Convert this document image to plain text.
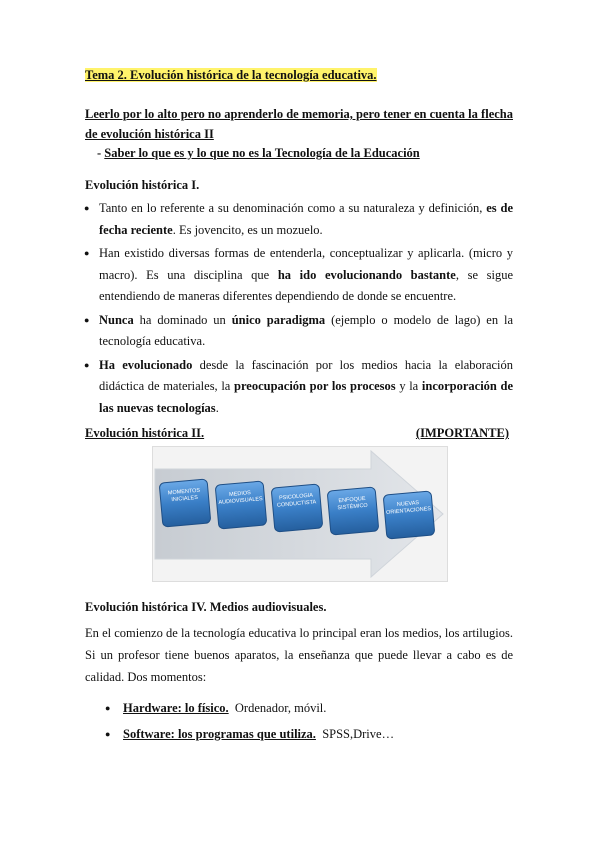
Tema 2. Evolución histórica de la tecnología educativa.
Leerlo por lo alto pero no aprenderlo de memoria, pero tener en cuenta la flecha de evolución histórica II
- Saber lo que es y lo que no es la Tecnología de la Educación
Evolución histórica I.
● Tanto en lo referente a su denominación como a su naturaleza y definición, es de fecha reciente. Es jovencito, es un mozuelo.
● Han existido diversas formas de entenderla, conceptualizar y aplicarla. (micro y macro). Es una disciplina que ha ido evolucionando bastante, se sigue entendiendo de maneras diferentes dependiendo de donde se encuentre.
● Nunca ha dominado un único paradigma (ejemplo o modelo de lago) en la tecnología educativa.
● Ha evolucionado desde la fascinación por los medios hacia la elaboración didáctica de materiales, la preocupación por los procesos y la incorporación de las nuevas tecnologías.
Evolución histórica II.	(IMPORTANTE)
MOMENTOS INICIALES
MEDIOS AUDIOVISUALES	PSICOLOGÍA CONDUCTISTA	ENFOQUE SISTÉMICO	NUEVAS ORIENTACIONES
Evolución histórica IV. Medios audiovisuales.
En el comienzo de la tecnología educativa lo principal eran los medios, los artilugios. Si un profesor tiene buenos aparatos, la enseñanza que puede llevar a cabo es de calidad. Dos momentos:
● Hardware: lo físico. Ordenador, móvil.
● Software: los programas que utiliza. SPSS,Drive…
